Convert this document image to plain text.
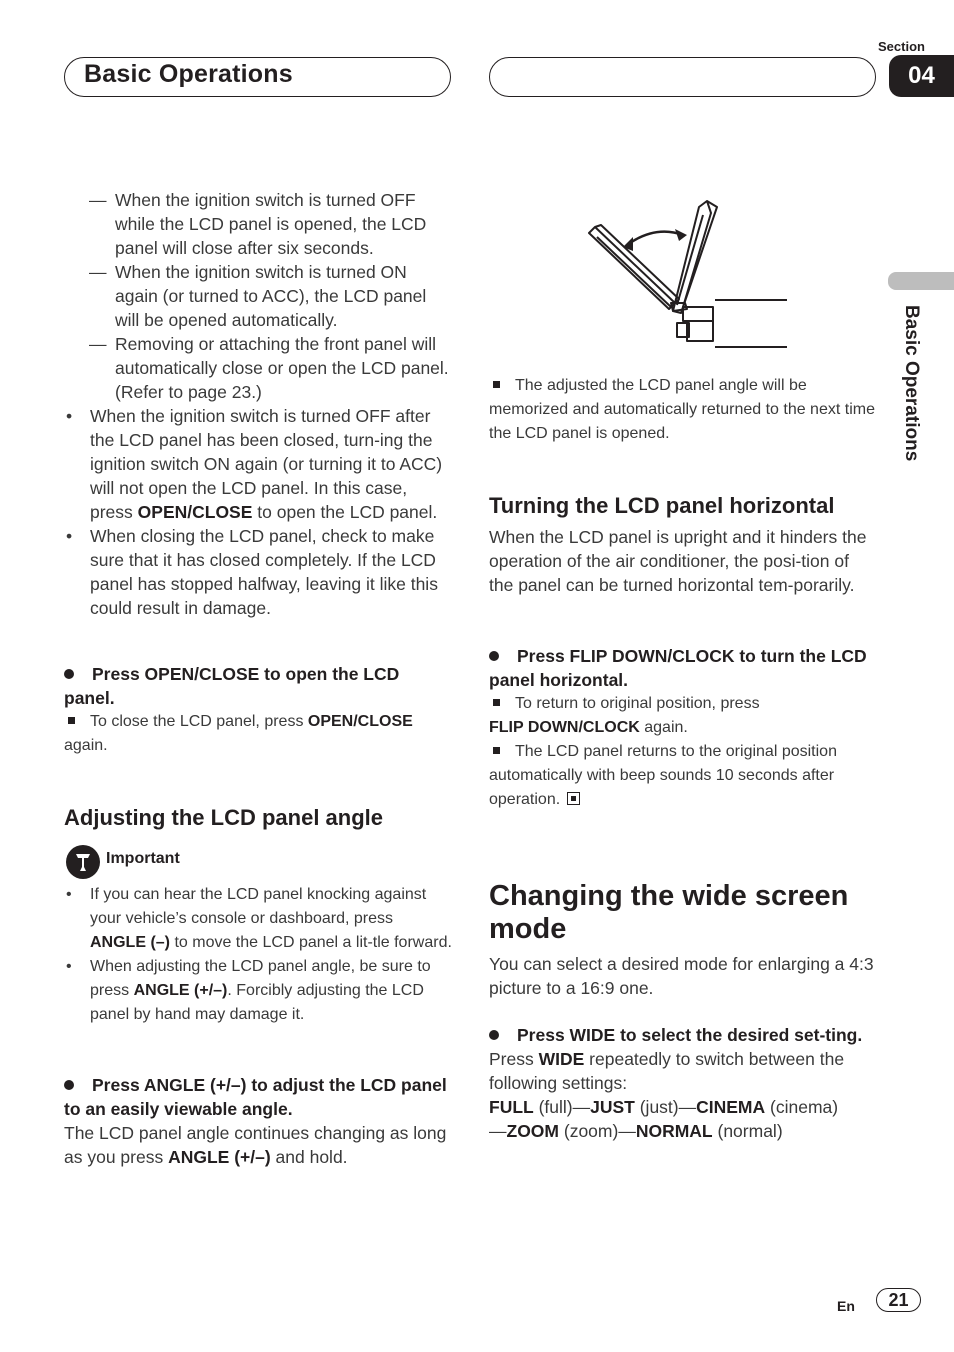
Basic Operations
Section
04
Basic Operations

— When the ignition switch is turned OFF while the LCD panel is opened, the LCD panel will close after six seconds.

— When the ignition switch is turned ON again (or turned to ACC), the LCD panel will be opened automatically.

— Removing or attaching the front panel will automatically close or open the LCD panel. (Refer to page 23.)

• When the ignition switch is turned OFF after the LCD panel has been closed, turn-ing the ignition switch ON again (or turning it to ACC) will not open the LCD panel. In this case, press OPEN/CLOSE to open the LCD panel.

• When closing the LCD panel, check to make sure that it has closed completely. If the LCD panel has stopped halfway, leaving it like this could result in damage.

Press OPEN/CLOSE to open the LCD panel.

To close the LCD panel, press OPEN/CLOSE again.

Adjusting the LCD panel angle
Important

• If you can hear the LCD panel knocking against your vehicle’s console or dashboard, press ANGLE (–) to move the LCD panel a lit-tle forward.

• When adjusting the LCD panel angle, be sure to press ANGLE (+/–). Forcibly adjusting the LCD panel by hand may damage it.

Press ANGLE (+/–) to adjust the LCD panel to an easily viewable angle.

The LCD panel angle continues changing as long as you press ANGLE (+/–) and hold.

The adjusted the LCD panel angle will be memorized and automatically returned to the next time the LCD panel is opened.

Turning the LCD panel horizontal

When the LCD panel is upright and it hinders the operation of the air conditioner, the posi-tion of the panel can be turned horizontal tem-porarily.

Press FLIP DOWN/CLOCK to turn the LCD panel horizontal.

To return to original position, press
FLIP DOWN/CLOCK again.

The LCD panel returns to the original position automatically with beep sounds 10 seconds after operation.

Changing the wide screen mode

You can select a desired mode for enlarging a 4:3 picture to a 16:9 one.

Press WIDE to select the desired set-ting.

Press WIDE repeatedly to switch between the following settings:

FULL (full)—JUST (just)—CINEMA (cinema)
—ZOOM (zoom)—NORMAL (normal)

En	21
